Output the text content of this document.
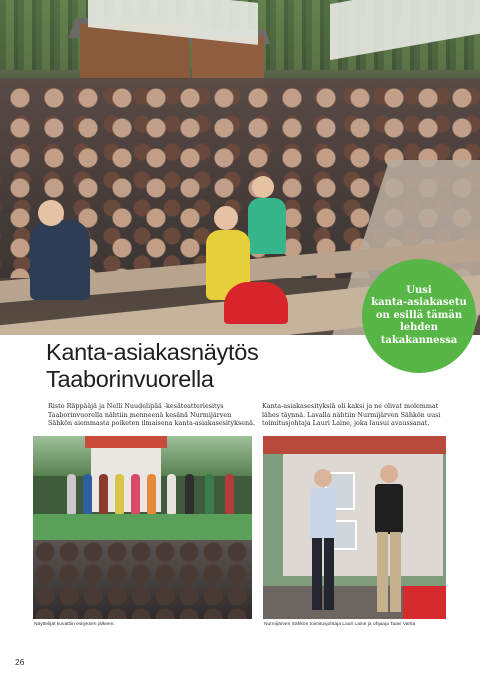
Uusi
kanta-asiakasetu
on esillä tämän
lehden
takakannessa
Kanta-asiakasnäytös
Taaborinvuorella

Risto Räppääjä ja Nelli Nuudelipää -kesäteatteriesitys Taaborinvuorella nähtiin menneenä kesänä Nurmijärven Sähkön aiemmasta poiketen ilmaisena kanta-asiakasesityksenä.

Kanta-asiakasesityksiä oli kaksi ja ne olivat molemmat lähes täynnä. Lavalla nähtiin Nurmijärven Sähkön uusi toimitusjohtaja Lauri Laine, joka lausui avaussanat.

Näyttelijät kuvattiin esityksen jälkeen.	Nurmijärven Sähkön toimitusjohtaja Lauri Laine ja ohjaaja Taavi Vartia

26
